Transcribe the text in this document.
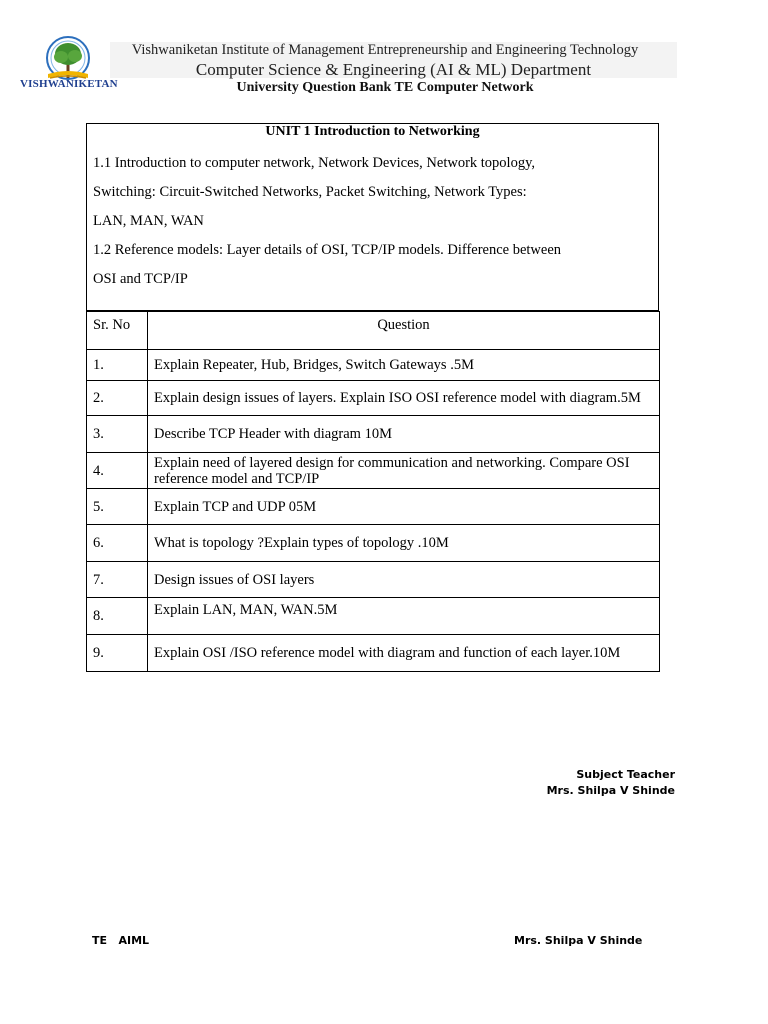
VISHWANIKETAN
Vishwaniketan Institute of Management Entrepreneurship and Engineering Technology
Computer Science & Engineering (AI & ML) Department
University Question Bank TE Computer Network
UNIT 1 Introduction to Networking
1.1 Introduction to computer network, Network Devices, Network topology,
Switching: Circuit-Switched Networks, Packet Switching, Network Types:
LAN, MAN, WAN
1.2 Reference models: Layer details of OSI, TCP/IP models. Difference between
OSI and TCP/IP
Sr. No	Question
1.	Explain Repeater, Hub, Bridges, Switch Gateways .5M
2.	Explain design issues of layers. Explain ISO OSI reference model with diagram.5M
3.	Describe TCP Header with diagram 10M
4.	Explain need of layered design for communication and networking. Compare OSI reference model and TCP/IP
5.	Explain TCP and UDP 05M
6.	What is topology ?Explain types of topology .10M
7.	Design issues of OSI layers
8.	Explain LAN, MAN, WAN.5M
9.	Explain OSI /ISO reference model with diagram and function of each layer.10M
Subject Teacher
Mrs. Shilpa V Shinde
TE   AIML	Mrs. Shilpa V Shinde
